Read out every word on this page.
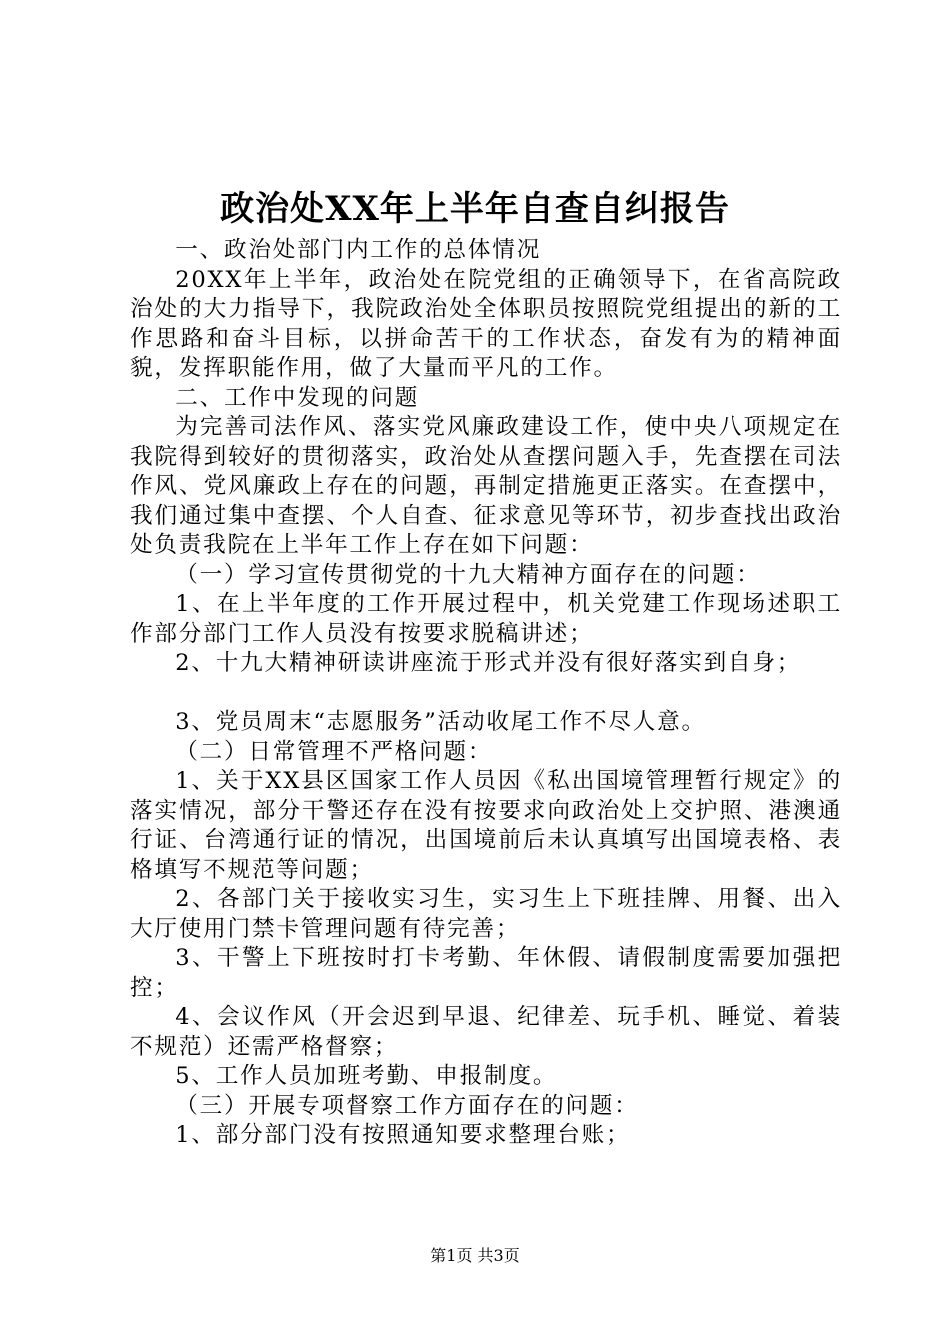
政治处XX年上半年自查自纠报告

一、政治处部门内工作的总体情况

20XX年上半年，政治处在院党组的正确领导下，在省高院政治处的大力指导下，我院政治处全体职员按照院党组提出的新的工作思路和奋斗目标，以拼命苦干的工作状态，奋发有为的精神面貌，发挥职能作用，做了大量而平凡的工作。

二、工作中发现的问题

为完善司法作风、落实党风廉政建设工作，使中央八项规定在我院得到较好的贯彻落实，政治处从查摆问题入手，先查摆在司法作风、党风廉政上存在的问题，再制定措施更正落实。在查摆中，我们通过集中查摆、个人自查、征求意见等环节，初步查找出政治处负责我院在上半年工作上存在如下问题：

（一）学习宣传贯彻党的十九大精神方面存在的问题：

1、在上半年度的工作开展过程中，机关党建工作现场述职工作部分部门工作人员没有按要求脱稿讲述；

2、十九大精神研读讲座流于形式并没有很好落实到自身；

3、党员周末“志愿服务”活动收尾工作不尽人意。

（二）日常管理不严格问题：

1、关于XX县区国家工作人员因《私出国境管理暂行规定》的落实情况，部分干警还存在没有按要求向政治处上交护照、港澳通行证、台湾通行证的情况，出国境前后未认真填写出国境表格、表格填写不规范等问题；

2、各部门关于接收实习生，实习生上下班挂牌、用餐、出入大厅使用门禁卡管理问题有待完善；

3、干警上下班按时打卡考勤、年休假、请假制度需要加强把控；

4、会议作风（开会迟到早退、纪律差、玩手机、睡觉、着装不规范）还需严格督察；

5、工作人员加班考勤、申报制度。

（三）开展专项督察工作方面存在的问题：

1、部分部门没有按照通知要求整理台账；

第1页 共3页
